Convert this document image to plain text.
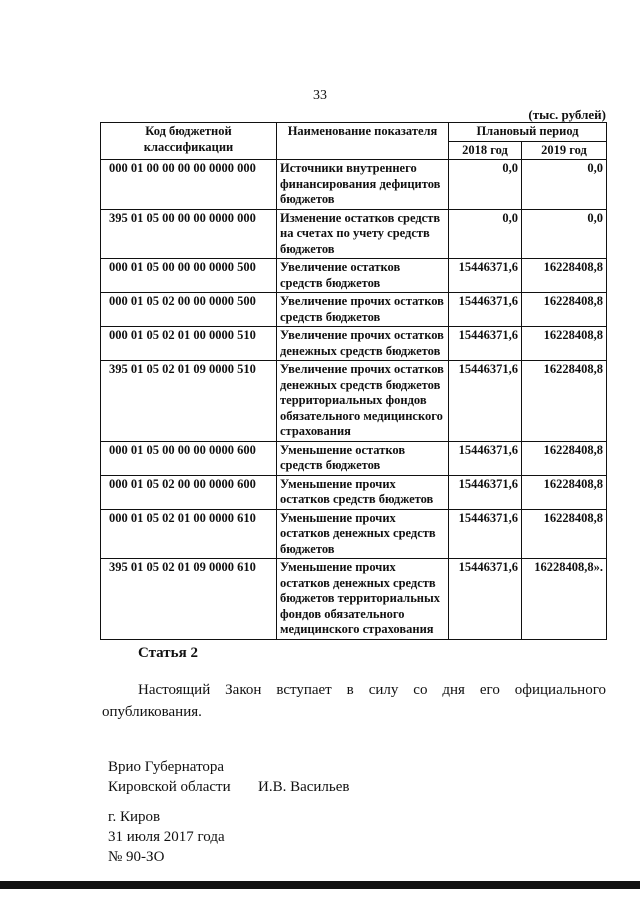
33
(тыс. рублей)
Код бюджетной классификации	Наименование показателя	Плановый период	
		2018 год	2019 год
000 01 00 00 00 00 0000 000	Источники внутреннего финансирования дефицитов бюджетов	0,0	0,0
395 01 05 00 00 00 0000 000	Изменение остатков средств на счетах по учету средств бюджетов	0,0	0,0
000 01 05 00 00 00 0000 500	Увеличение остатков средств бюджетов	15446371,6	16228408,8
000 01 05 02 00 00 0000 500	Увеличение прочих остатков средств бюджетов	15446371,6	16228408,8
000 01 05 02 01 00 0000 510	Увеличение прочих остатков денежных средств бюджетов	15446371,6	16228408,8
395 01 05 02 01 09 0000 510	Увеличение прочих остатков денежных средств бюджетов территориальных фондов обязательного медицинского страхования	15446371,6	16228408,8
000 01 05 00 00 00 0000 600	Уменьшение остатков средств бюджетов	15446371,6	16228408,8
000 01 05 02 00 00 0000 600	Уменьшение прочих остатков средств бюджетов	15446371,6	16228408,8
000 01 05 02 01 00 0000 610	Уменьшение прочих остатков денежных средств бюджетов	15446371,6	16228408,8
395 01 05 02 01 09 0000 610	Уменьшение прочих остатков денежных средств бюджетов территориальных фондов обязательного медицинского страхования	15446371,6	16228408,8».
Статья 2
Настоящий Закон вступает в силу со дня его официального опубликования.
Врио Губернатора
Кировской области И.В. Васильев
г. Киров
31 июля 2017 года
№ 90-ЗО
